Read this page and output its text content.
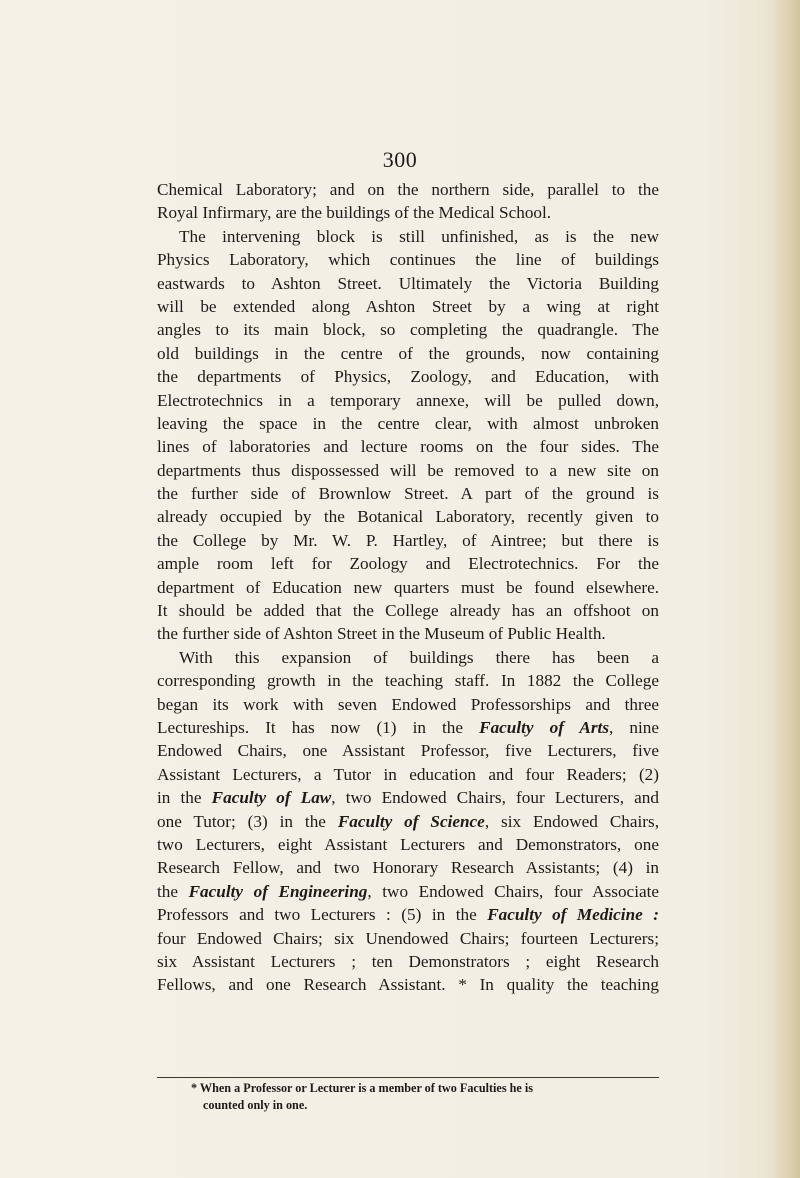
300
Chemical Laboratory; and on the northern side, parallel to the
Royal Infirmary, are the buildings of the Medical School.
The intervening block is still unfinished, as is the new
Physics Laboratory, which continues the line of buildings
eastwards to Ashton Street. Ultimately the Victoria Building
will be extended along Ashton Street by a wing at right
angles to its main block, so completing the quadrangle. The
old buildings in the centre of the grounds, now containing
the departments of Physics, Zoology, and Education, with
Electrotechnics in a temporary annexe, will be pulled down,
leaving the space in the centre clear, with almost unbroken
lines of laboratories and lecture rooms on the four sides. The
departments thus dispossessed will be removed to a new site on
the further side of Brownlow Street. A part of the ground is
already occupied by the Botanical Laboratory, recently given to
the College by Mr. W. P. Hartley, of Aintree; but there is
ample room left for Zoology and Electrotechnics. For the
department of Education new quarters must be found elsewhere.
It should be added that the College already has an offshoot on
the further side of Ashton Street in the Museum of Public Health.
With this expansion of buildings there has been a
corresponding growth in the teaching staff. In 1882 the College
began its work with seven Endowed Professorships and three
Lectureships. It has now (1) in the Faculty of Arts, nine
Endowed Chairs, one Assistant Professor, five Lecturers, five
Assistant Lecturers, a Tutor in education and four Readers; (2)
in the Faculty of Law, two Endowed Chairs, four Lecturers, and
one Tutor; (3) in the Faculty of Science, six Endowed Chairs,
two Lecturers, eight Assistant Lecturers and Demonstrators, one
Research Fellow, and two Honorary Research Assistants; (4) in
the Faculty of Engineering, two Endowed Chairs, four Associate
Professors and two Lecturers : (5) in the Faculty of Medicine :
four Endowed Chairs; six Unendowed Chairs; fourteen Lecturers;
six Assistant Lecturers ; ten Demonstrators ; eight Research
Fellows, and one Research Assistant. * In quality the teaching
* When a Professor or Lecturer is a member of two Faculties he is
counted only in one.
